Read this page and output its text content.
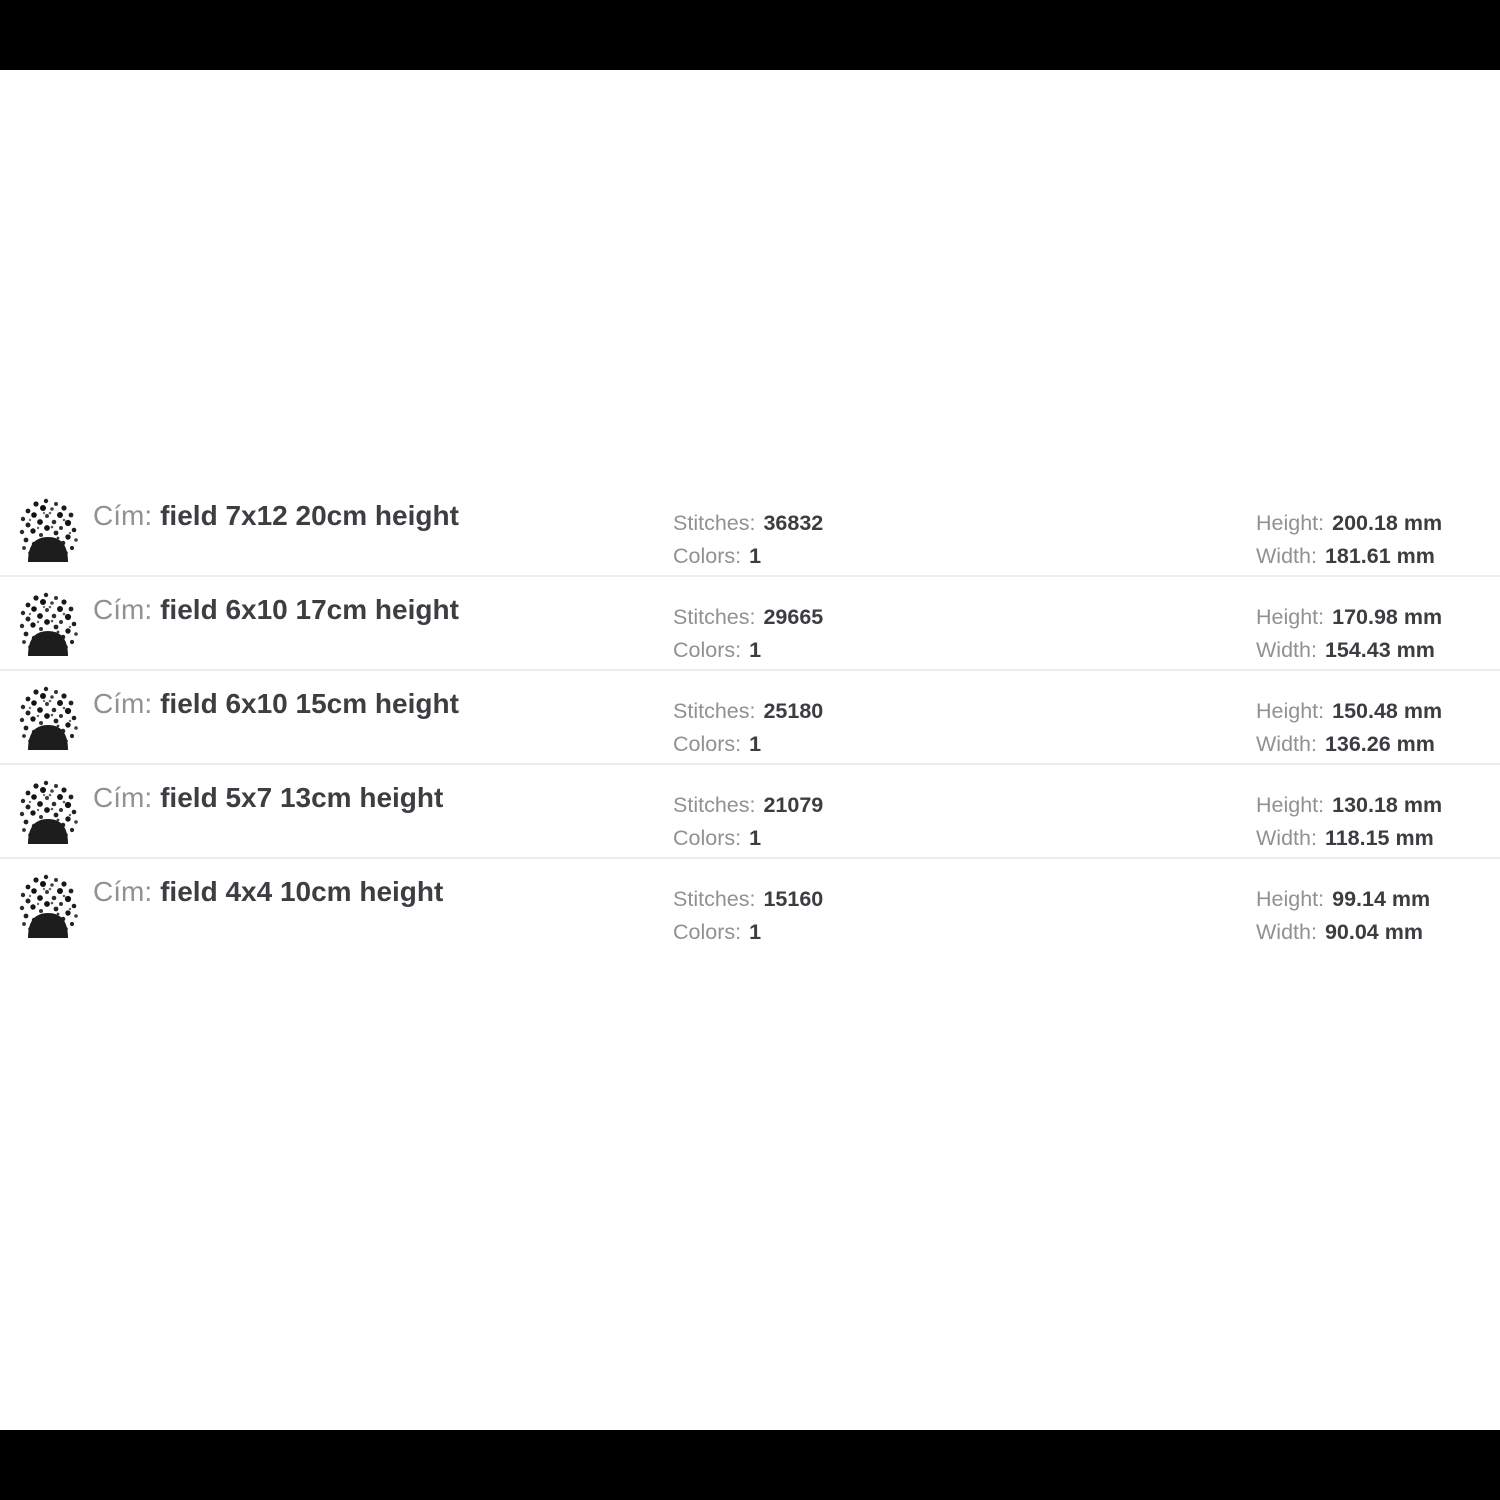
Cím: field 7x12 20cm height	Stitches: 36832
Colors: 1
Height: 200.18 mm
Width: 181.61 mm
Cím: field 6x10 17cm height	Stitches: 29665
Colors: 1
Height: 170.98 mm
Width: 154.43 mm
Cím: field 6x10 15cm height	Stitches: 25180
Colors: 1
Height: 150.48 mm
Width: 136.26 mm
Cím: field 5x7 13cm height	Stitches: 21079
Colors: 1
Height: 130.18 mm
Width: 118.15 mm
Cím: field 4x4 10cm height	Stitches: 15160
Colors: 1
Height: 99.14 mm
Width: 90.04 mm
